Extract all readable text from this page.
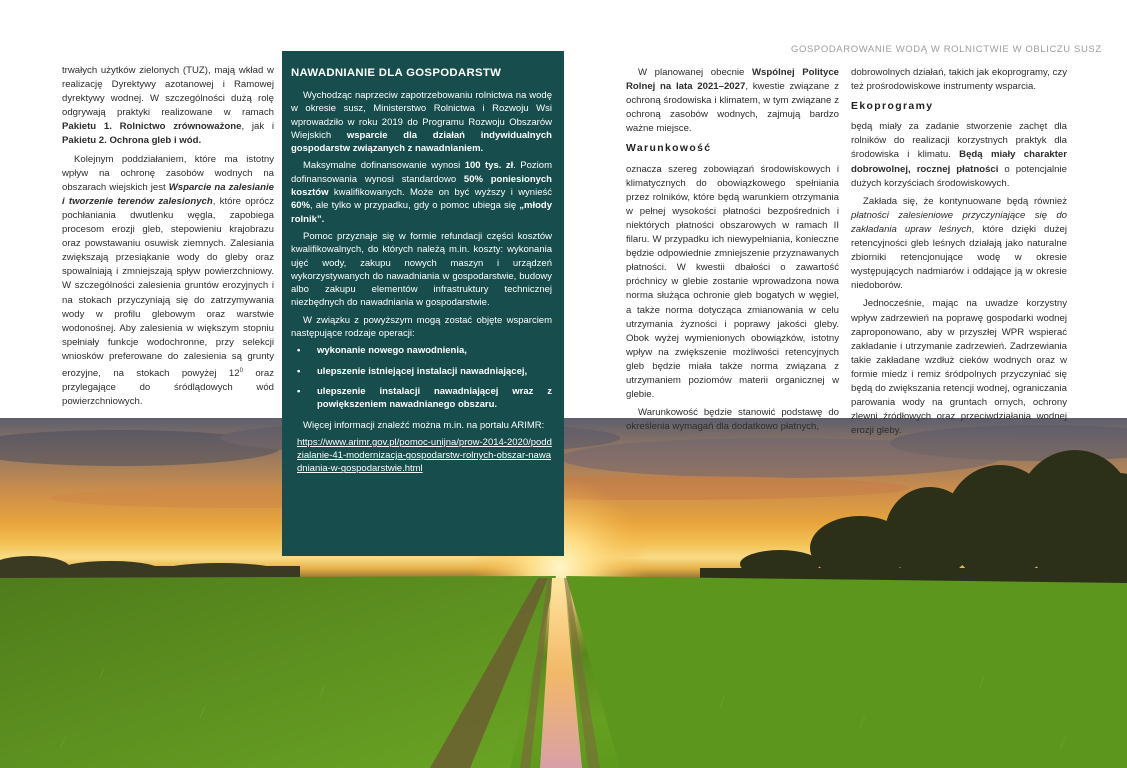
GOSPODAROWANIE WODĄ W ROLNICTWIE W OBLICZU SUSZ

trwałych użytków zielonych (TUZ), mają wkład w realizację Dyrektywy azotanowej i Ramowej dyrektywy wodnej. W szczególności dużą rolę odgrywają praktyki realizowane w ramach Pakietu 1. Rolnictwo zrównoważone, jak i Pakietu 2. Ochrona gleb i wód.

Kolejnym poddziałaniem, które ma istotny wpływ na ochronę zasobów wodnych na obszarach wiejskich jest Wsparcie na zalesianie i tworzenie terenów zalesionych, które oprócz pochłaniania dwutlenku węgla, zapobiega procesom erozji gleb, stepowieniu krajobrazu oraz powstawaniu osuwisk ziemnych. Zalesiania zwiększają przesiąkanie wody do gleby oraz spowalniają i zmniejszają spływ powierzchniowy. W szczególności zalesienia gruntów erozyjnych i na stokach przyczyniają się do zatrzymywania wody w profilu glebowym oraz warstwie wodonośnej. Aby zalesienia w większym stopniu spełniały funkcje wodochronne, przy selekcji wniosków preferowane do zalesienia są grunty erozyjne, na stokach powyżej $12^0$ oraz przylegające do śródlądowych wód powierzchniowych.

NAWADNIANIE DLA GOSPODARSTW

Wychodząc naprzeciw zapotrzebowaniu rolnictwa na wodę w okresie susz, Ministerstwo Rolnictwa i Rozwoju Wsi wprowadziło w roku 2019 do Programu Rozwoju Obszarów Wiejskich wsparcie dla działań indywidualnych gospodarstw związanych z nawadnianiem.

Maksymalne dofinansowanie wynosi 100 tys. zł. Poziom dofinansowania wynosi standardowo 50% poniesionych kosztów kwalifikowanych. Może on być wyższy i wynieść 60%, ale tylko w przypadku, gdy o pomoc ubiega się „młody rolnik”.

Pomoc przyznaje się w formie refundacji części kosztów kwalifikowalnych, do których należą m.in. koszty: wykonania ujęć wody, zakupu nowych maszyn i urządzeń wykorzystywanych do nawadniania w gospodarstwie, budowy albo zakupu elementów infrastruktury technicznej niezbędnych do nawadniania w gospodarstwie.

W związku z powyższym mogą zostać objęte wsparciem następujące rodzaje operacji:

• wykonanie nowego nawodnienia,
• ulepszenie istniejącej instalacji nawadniającej,
• ulepszenie instalacji nawadniającej wraz z powiększeniem nawadnianego obszaru.

Więcej informacji znaleźć można m.in. na portalu ARIMR:

https://www.arimr.gov.pl/pomoc-unijna/prow-2014-2020/poddzialanie-41-modernizacja-gospodarstw-rolnych-obszar-nawadniania-w-gospodarstwie.html

W planowanej obecnie Wspólnej Polityce Rolnej na lata 2021–2027, kwestie związane z ochroną środowiska i klimatem, w tym związane z ochroną zasobów wodnych, zajmują bardzo ważne miejsce.

Warunkowość

oznacza szereg zobowiązań środowiskowych i klimatycznych do obowiązkowego spełniania przez rolników, które będą warunkiem otrzymania w pełnej wysokości płatności bezpośrednich i niektórych płatności obszarowych w ramach II filaru. W przypadku ich niewypełniania, konieczne będzie odpowiednie zmniejszenie przyznawanych płatności. W kwestii dbałości o zawartość próchnicy w glebie zostanie wprowadzona nowa norma służąca ochronie gleb bogatych w węgiel, a także norma dotycząca zmianowania w celu utrzymania żyzności i poprawy jakości gleby. Obok wyżej wymienionych obowiązków, istotny wpływ na zwiększenie możliwości retencyjnych gleb będzie miała także norma związana z utrzymaniem poziomów materii organicznej w glebie.

Warunkowość będzie stanowić podstawę do określenia wymagań dla dodatkowo płatnych,

dobrowolnych działań, takich jak ekoprogramy, czy też prośrodowiskowe instrumenty wsparcia.

Ekoprogramy

będą miały za zadanie stworzenie zachęt dla rolników do realizacji korzystnych praktyk dla środowiska i klimatu. Będą miały charakter dobrowolnej, rocznej płatności o potencjalnie dużych korzyściach środowiskowych.

Zakłada się, że kontynuowane będą również płatności zalesieniowe przyczyniające się do zakładania upraw leśnych, które dzięki dużej retencyjności gleb leśnych działają jako naturalne zbiorniki retencjonujące wodę w okresie występujących nadmiarów i oddające ją w okresie niedoborów.

Jednocześnie, mając na uwadze korzystny wpływ zadrzewień na poprawę gospodarki wodnej zaproponowano, aby w przyszłej WPR wspierać zakładanie i utrzymanie zadrzewień. Zadrzewiania takie zakładane wzdłuż cieków wodnych oraz w formie miedz i remiz śródpolnych przyczyniać się będą do zwiększania retencji wodnej, ograniczania parowania wody na gruntach ornych, ochrony zlewni źródłowych oraz przeciwdziałania wodnej erozji gleby.
